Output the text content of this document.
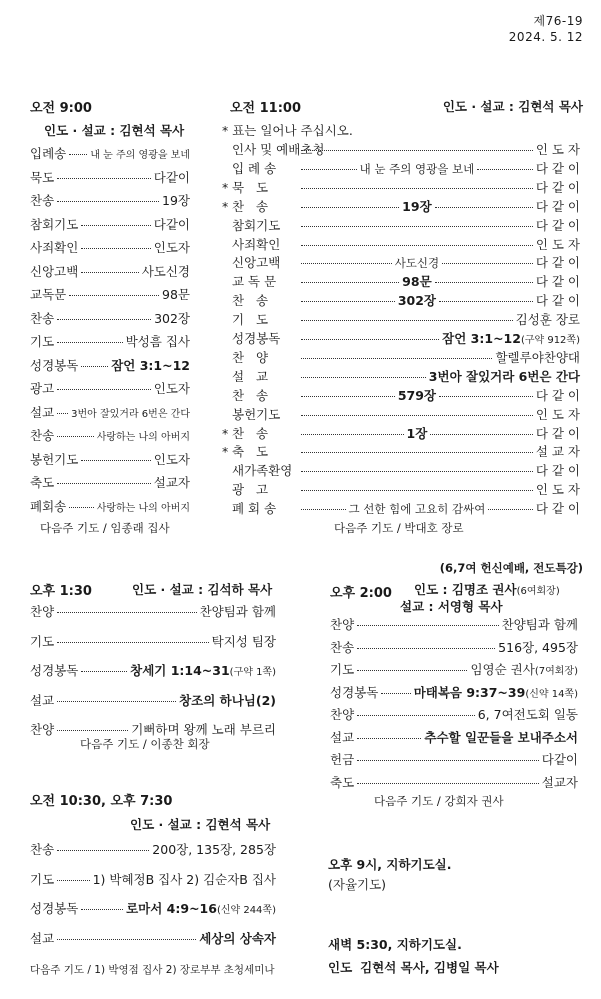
제76-19
2024. 5. 12
오전 9:00
인도 · 설교 : 김현석 목사
입례송 내 눈 주의 영광을 보네
묵도	다같이
찬송	19장
참회기도	다같이
사죄확인	인도자
신앙고백	사도신경
교독문	98문
찬송	302장
기도	박성흠 집사
성경봉독	잠언 3:1~12
광고	인도자
설교 3번아 잘있거라 6번은 간다
찬송	사랑하는 나의 아버지
봉헌기도	인도자
축도	설교자
폐회송	사랑하는 나의 아버지
다음주 기도 / 임종래 집사
오전 11:00	인도 · 설교 : 김현석 목사
* 표는 일어나 주십시오.
인사 및 예배초청	인 도 자
입 례 송	내 눈 주의 영광을 보네	다 같 이
* 묵   도	다 같 이
* 찬   송	19장	다 같 이
참회기도	다 같 이
사죄확인	인 도 자
신앙고백	사도신경	다 같 이
교 독 문	98문	다 같 이
찬   송	302장	다 같 이
기   도	김성훈 장로
성경봉독	잠언 3:1~12 (구약 912쪽)
찬   양	할렐루야찬양대
설   교	3번아 잘있거라 6번은 간다
찬   송	579장	다 같 이
봉헌기도	인 도 자
* 찬   송	1장	다 같 이
* 축   도	설 교 자
새가족환영	다 같 이
광   고	인 도 자
폐 회 송	그 선한 힘에 고요히 감싸여	다 같 이
다음주 기도 / 박대호 장로
오후 1:30	인도 · 설교 : 김석하 목사
찬양	찬양팀과 함께
기도	탁지성 팀장
성경봉독	창세기 1:14~31 (구약 1쪽)
설교	창조의 하나님(2)
찬양	기뻐하며 왕께 노래 부르리
다음주 기도 / 이종찬 회장
(6,7여 헌신예배, 전도특강)
오후 2:00 인도 : 김명조 권사(6여회장)
설교 : 서영형 목사
찬양	찬양팀과 함께
찬송	516장, 495장
기도	임영순 권사 (7여회장)
성경봉독	마태복음 9:37~39 (신약 14쪽)
찬양	6, 7여전도회 일동
설교	추수할 일꾼들을 보내주소서
헌금	다같이
축도	설교자
다음주 기도 / 강희자 권사
오전 10:30, 오후 7:30
인도 · 설교 : 김현석 목사
찬송	200장, 135장, 285장
기도	1) 박혜정B 집사 2) 김순자B 집사
성경봉독	로마서 4:9~16 (신약 244쪽)
설교	세상의 상속자
다음주 기도 / 1) 박영점 집사 2) 장로부부 초청세미나
오후 9시, 지하기도실.
(자율기도)
새벽 5:30, 지하기도실.
인도 김현석 목사, 김병일 목사
